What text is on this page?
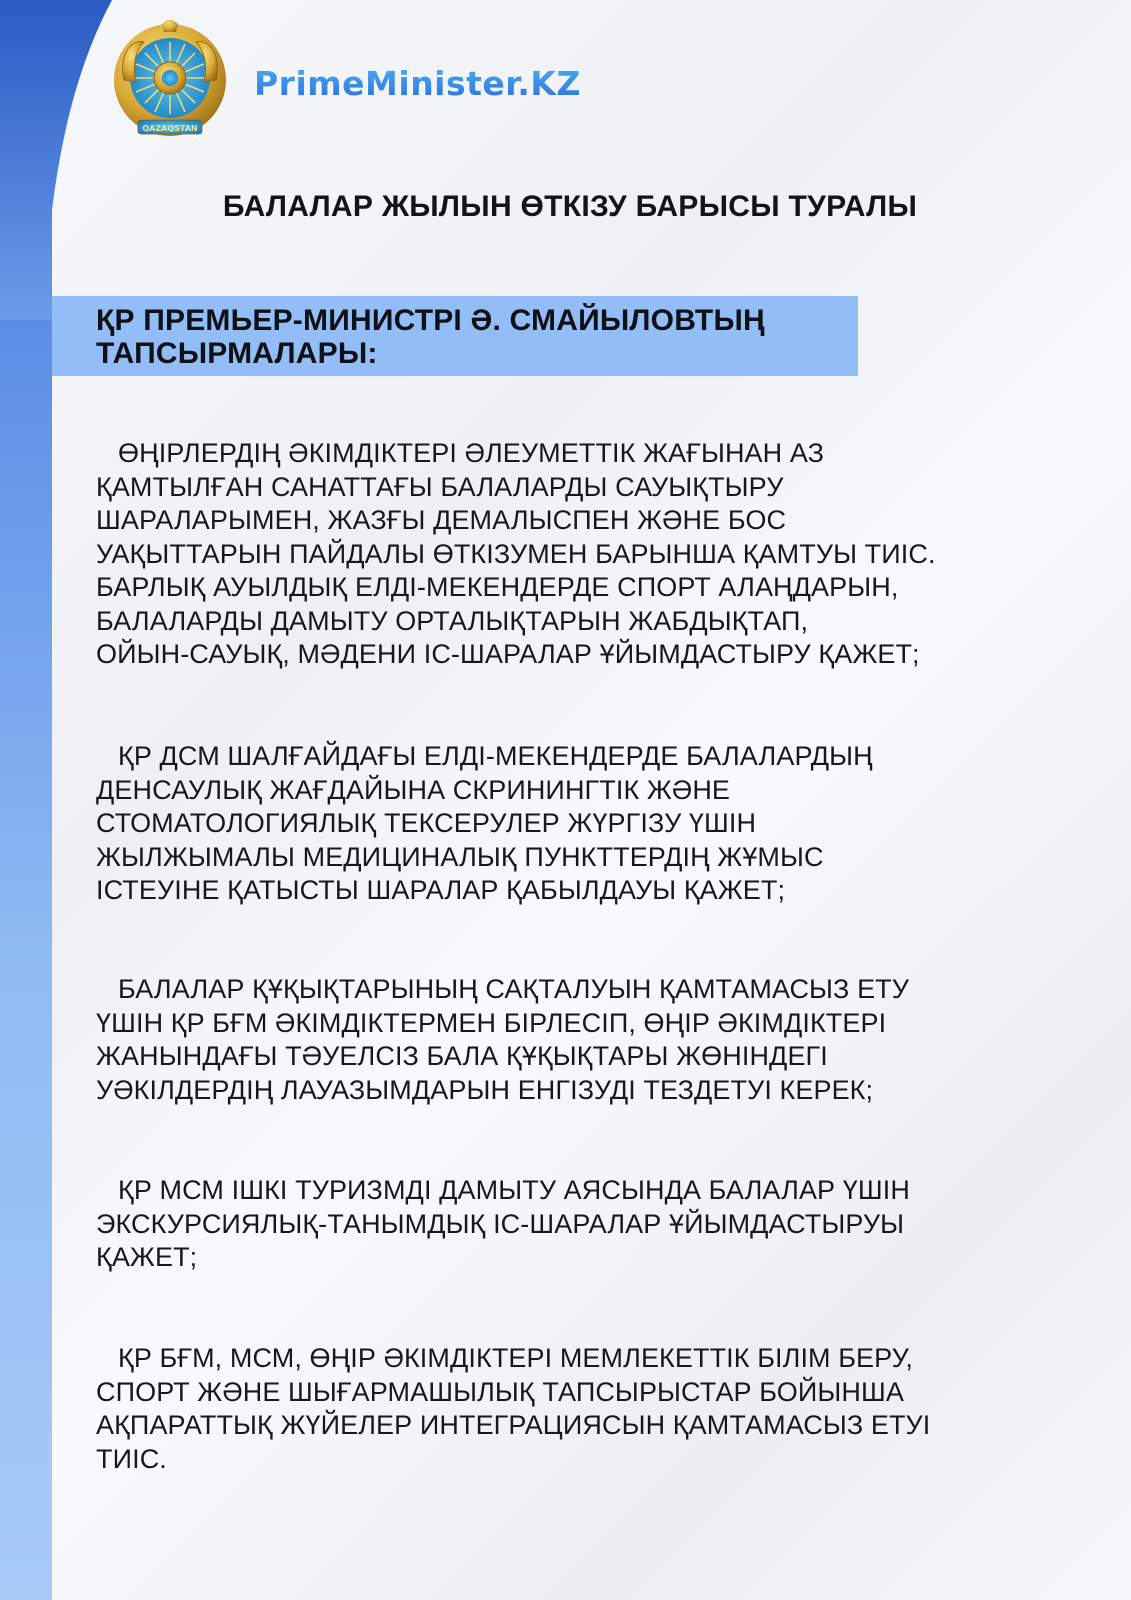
QAZAQSTAN
PrimeMinister.KZ
БАЛАЛАР ЖЫЛЫН ӨТКІЗУ БАРЫСЫ ТУРАЛЫ
ҚР ПРЕМЬЕР-МИНИСТРІ Ә. СМАЙЫЛОВТЫҢ
ТАПСЫРМАЛАРЫ:
ӨҢІРЛЕРДІҢ ӘКІМДІКТЕРІ ӘЛЕУМЕТТІК ЖАҒЫНАН АЗ
ҚАМТЫЛҒАН САНАТТАҒЫ БАЛАЛАРДЫ САУЫҚТЫРУ
ШАРАЛАРЫМЕН, ЖАЗҒЫ ДЕМАЛЫСПЕН ЖӘНЕ БОС
УАҚЫТТАРЫН ПАЙДАЛЫ ӨТКІЗУМЕН БАРЫНША ҚАМТУЫ ТИІС.
БАРЛЫҚ АУЫЛДЫҚ ЕЛДІ-МЕКЕНДЕРДЕ СПОРТ АЛАҢДАРЫН,
БАЛАЛАРДЫ ДАМЫТУ ОРТАЛЫҚТАРЫН ЖАБДЫҚТАП,
ОЙЫН-САУЫҚ, МӘДЕНИ ІС-ШАРАЛАР ҰЙЫМДАСТЫРУ ҚАЖЕТ;
ҚР ДСМ ШАЛҒАЙДАҒЫ ЕЛДІ-МЕКЕНДЕРДЕ БАЛАЛАРДЫҢ
ДЕНСАУЛЫҚ ЖАҒДАЙЫНА СКРИНИНГТІК ЖӘНЕ
СТОМАТОЛОГИЯЛЫҚ ТЕКСЕРУЛЕР ЖҮРГІЗУ ҮШІН
ЖЫЛЖЫМАЛЫ МЕДИЦИНАЛЫҚ ПУНКТТЕРДІҢ ЖҰМЫС
ІСТЕУІНЕ ҚАТЫСТЫ ШАРАЛАР ҚАБЫЛДАУЫ ҚАЖЕТ;
БАЛАЛАР ҚҰҚЫҚТАРЫНЫҢ САҚТАЛУЫН ҚАМТАМАСЫЗ ЕТУ
ҮШІН ҚР БҒМ ӘКІМДІКТЕРМЕН БІРЛЕСІП, ӨҢІР ӘКІМДІКТЕРІ
ЖАНЫНДАҒЫ ТӘУЕЛСІЗ БАЛА ҚҰҚЫҚТАРЫ ЖӨНІНДЕГІ
УӘКІЛДЕРДІҢ ЛАУАЗЫМДАРЫН ЕНГІЗУДІ ТЕЗДЕТУІ КЕРЕК;
ҚР МСМ ІШКІ ТУРИЗМДІ ДАМЫТУ АЯСЫНДА БАЛАЛАР ҮШІН
ЭКСКУРСИЯЛЫҚ-ТАНЫМДЫҚ ІС-ШАРАЛАР ҰЙЫМДАСТЫРУЫ
ҚАЖЕТ;
ҚР БҒМ, МСМ, ӨҢІР ӘКІМДІКТЕРІ МЕМЛЕКЕТТІК БІЛІМ БЕРУ,
СПОРТ ЖӘНЕ ШЫҒАРМАШЫЛЫҚ ТАПСЫРЫСТАР БОЙЫНША
АҚПАРАТТЫҚ ЖҮЙЕЛЕР ИНТЕГРАЦИЯСЫН ҚАМТАМАСЫЗ ЕТУІ
ТИІС.
